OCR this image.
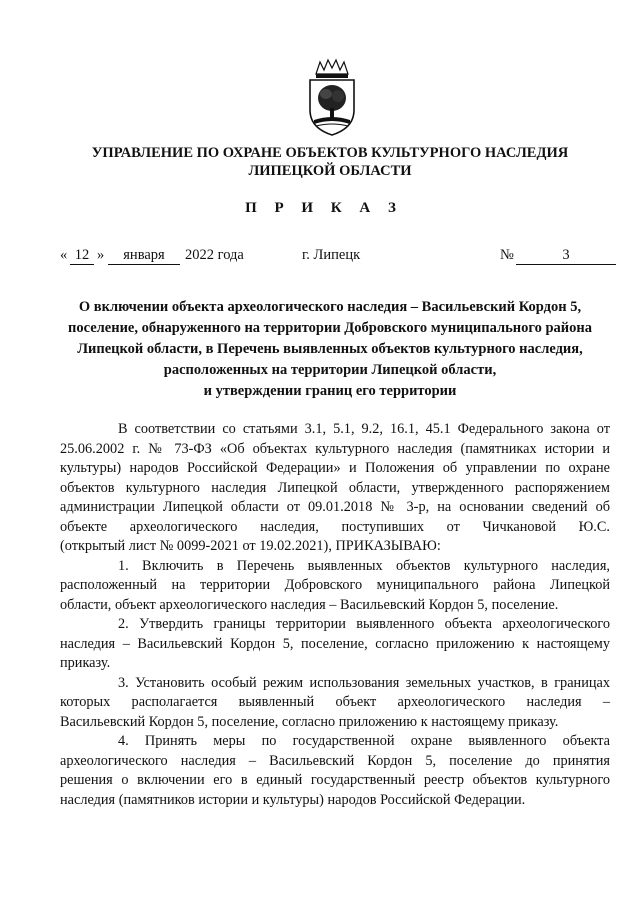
УПРАВЛЕНИЕ ПО ОХРАНЕ ОБЪЕКТОВ КУЛЬТУРНОГО НАСЛЕДИЯ
ЛИПЕЦКОЙ ОБЛАСТИ
П Р И К А З
« 12 »	января	2022 года	г. Липецк	№	3
О включении объекта археологического наследия – Васильевский Кордон 5,
поселение, обнаруженного на территории Добровского муниципального района
Липецкой области, в Перечень выявленных объектов культурного наследия,
расположенных на территории Липецкой области,
и утверждении границ его территории
В соответствии со статьями 3.1, 5.1, 9.2, 16.1, 45.1 Федерального закона от
25.06.2002 г. № 73-ФЗ «Об объектах культурного наследия (памятниках истории и
культуры) народов Российской Федерации» и Положения об управлении по охране
объектов культурного наследия Липецкой области, утвержденного распоряжением
администрации Липецкой области от 09.01.2018 № 3-р, на основании сведений об
объекте археологического наследия, поступивших от Чичкановой Ю.С.
(открытый лист № 0099-2021 от 19.02.2021), ПРИКАЗЫВАЮ:
1. Включить в Перечень выявленных объектов культурного наследия,
расположенный на территории Добровского муниципального района Липецкой
области, объект археологического наследия – Васильевский Кордон 5, поселение.
2. Утвердить границы территории выявленного объекта археологического
наследия – Васильевский Кордон 5, поселение, согласно приложению к настоящему
приказу.
3. Установить особый режим использования земельных участков, в границах
которых располагается выявленный объект археологического наследия –
Васильевский Кордон 5, поселение, согласно приложению к настоящему приказу.
4. Принять меры по государственной охране выявленного объекта
археологического наследия – Васильевский Кордон 5, поселение до принятия
решения о включении его в единый государственный реестр объектов культурного
наследия (памятников истории и культуры) народов Российской Федерации.
